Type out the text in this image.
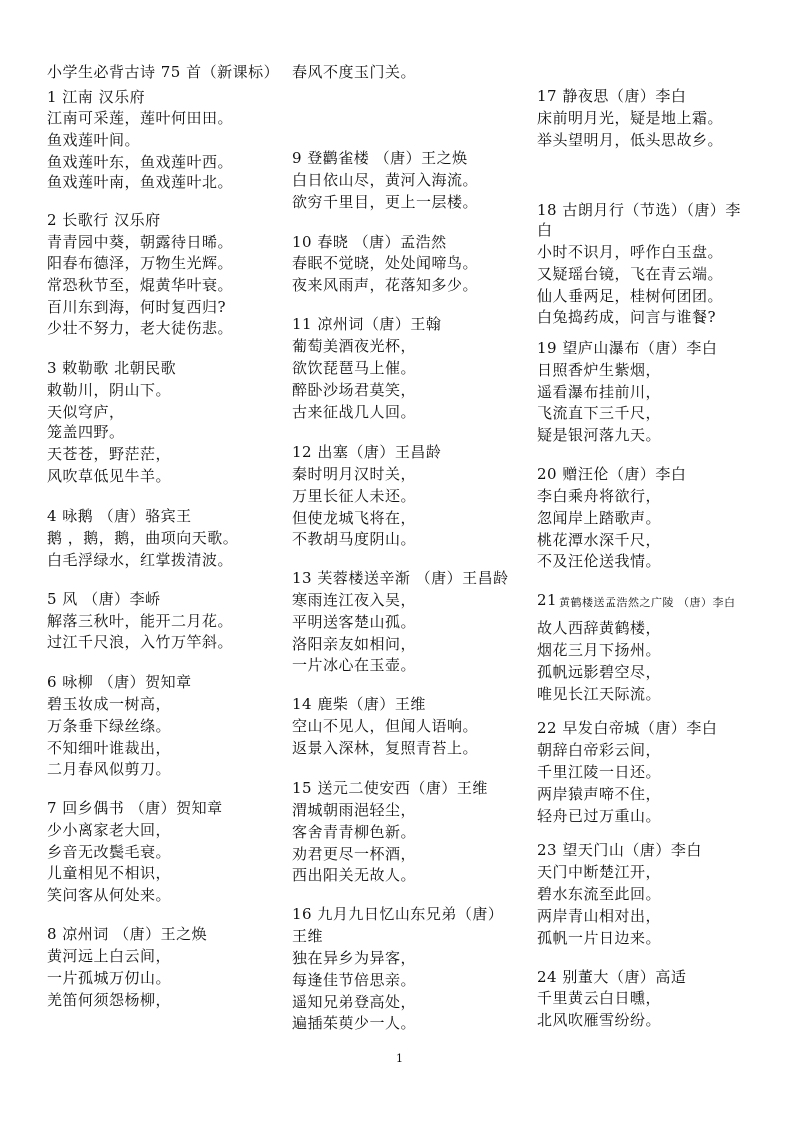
小学生必背古诗 75 首（新课标）
1 江南 汉乐府
江南可采莲，莲叶何田田。
鱼戏莲叶间。
鱼戏莲叶东，鱼戏莲叶西。
鱼戏莲叶南，鱼戏莲叶北。
2 长歌行 汉乐府
青青园中葵，朝露待日晞。
阳春布德泽，万物生光辉。
常恐秋节至，焜黄华叶衰。
百川东到海，何时复西归?
少壮不努力，老大徒伤悲。
3 敕勒歌 北朝民歌
敕勒川，阴山下。
天似穹庐，
笼盖四野。
天苍苍，野茫茫，
风吹草低见牛羊。
4 咏鹅 （唐）骆宾王
鹅 ，鹅，鹅，曲项向天歌。
白毛浮绿水，红掌拨清波。
5 风 （唐）李峤
解落三秋叶，能开二月花。
过江千尺浪，入竹万竿斜。
6 咏柳 （唐）贺知章
碧玉妆成一树高，
万条垂下绿丝绦。
不知细叶谁裁出，
二月春风似剪刀。
7 回乡偶书 （唐）贺知章
少小离家老大回，
乡音无改鬓毛衰。
儿童相见不相识，
笑问客从何处来。
8 凉州词 （唐）王之焕
黄河远上白云间，
一片孤城万仞山。
羌笛何须怨杨柳，
春风不度玉门关。
9 登鹳雀楼 （唐）王之焕
白日依山尽，黄河入海流。
欲穷千里目，更上一层楼。
10 春晓 （唐）孟浩然
春眠不觉晓，处处闻啼鸟。
夜来风雨声，花落知多少。
11 凉州词（唐）王翰
葡萄美酒夜光杯，
欲饮琵琶马上催。
醉卧沙场君莫笑，
古来征战几人回。
12 出塞（唐）王昌龄
秦时明月汉时关，
万里长征人未还。
但使龙城飞将在，
不教胡马度阴山。
13 芙蓉楼送辛渐 （唐）王昌龄
寒雨连江夜入吴，
平明送客楚山孤。
洛阳亲友如相问，
一片冰心在玉壶。
14 鹿柴（唐）王维
空山不见人，但闻人语响。
返景入深林，复照青苔上。
15 送元二使安西（唐）王维
渭城朝雨浥轻尘，
客舍青青柳色新。
劝君更尽一杯酒，
西出阳关无故人。
16 九月九日忆山东兄弟（唐）
王维
独在异乡为异客，
每逢佳节倍思亲。
遥知兄弟登高处，
遍插茱萸少一人。
17 静夜思（唐）李白
床前明月光，疑是地上霜。
举头望明月，低头思故乡。
18 古朗月行（节选）（唐）李
白
小时不识月，呼作白玉盘。
又疑瑶台镜，飞在青云端。
仙人垂两足，桂树何团团。
白兔捣药成，问言与谁餐?
19 望庐山瀑布（唐）李白
日照香炉生紫烟，
遥看瀑布挂前川，
飞流直下三千尺，
疑是银河落九天。
20 赠汪伦（唐）李白
李白乘舟将欲行，
忽闻岸上踏歌声。
桃花潭水深千尺，
不及汪伦送我情。
21 黄鹤楼送孟浩然之广陵 （唐）李白
故人西辞黄鹤楼，
烟花三月下扬州。
孤帆远影碧空尽，
唯见长江天际流。
22 早发白帝城（唐）李白
朝辞白帝彩云间，
千里江陵一日还。
两岸猿声啼不住，
轻舟已过万重山。
23 望天门山（唐）李白
天门中断楚江开，
碧水东流至此回。
两岸青山相对出，
孤帆一片日边来。
24 别董大（唐）高适
千里黄云白日曛，
北风吹雁雪纷纷。
1
